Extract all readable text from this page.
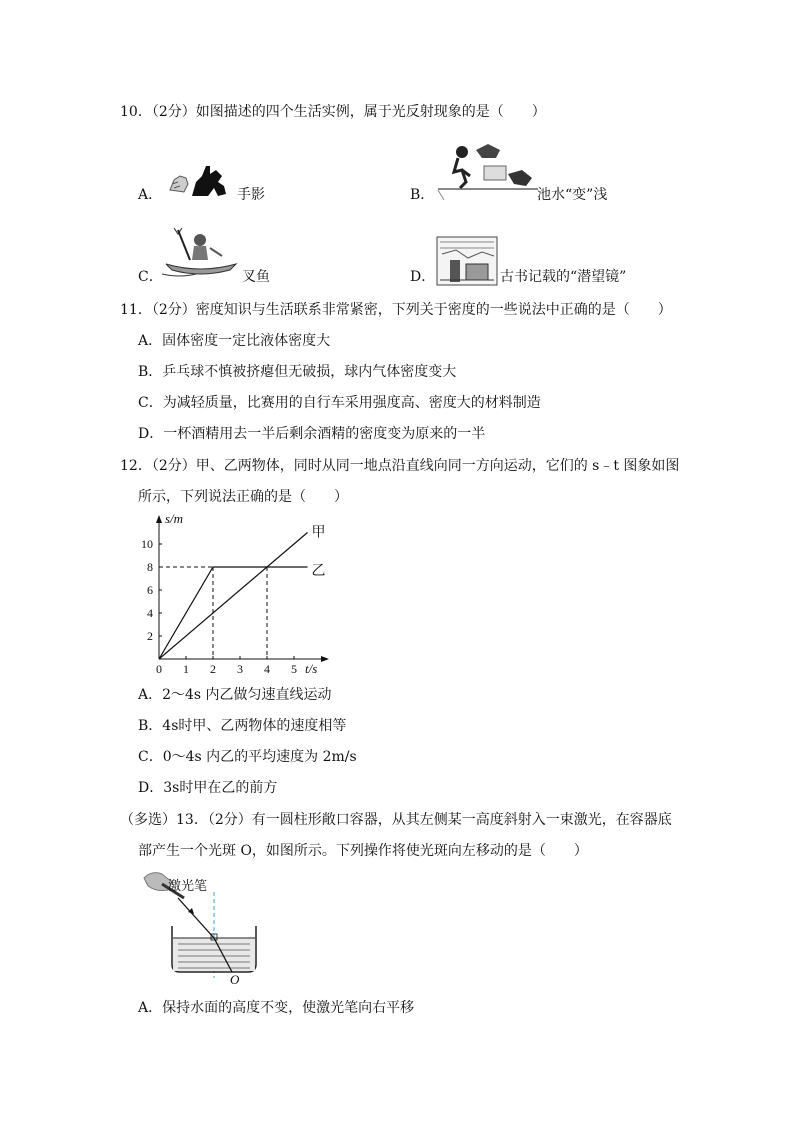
10．（2分）如图描述的四个生活实例，属于光反射现象的是（　　）
A．	手影	B．	池水“变”浅
C．	叉鱼	D．	古书记载的“潜望镜”
11．（2分）密度知识与生活联系非常紧密，下列关于密度的一些说法中正确的是（　　）
A．固体密度一定比液体密度大
B．乒乓球不慎被挤瘪但无破损，球内气体密度变大
C．为减轻质量，比赛用的自行车采用强度高、密度大的材料制造
D．一杯酒精用去一半后剩余酒精的密度变为原来的一半
12．（2分）甲、乙两物体，同时从同一地点沿直线向同一方向运动，它们的 s﹣t 图象如图
所示，下列说法正确的是（　　）
0 1 2 3 4 5
2
4
6
8
10
s/m
t/s
甲
乙
A．2～4s 内乙做匀速直线运动
B．4s时甲、乙两物体的速度相等
C．0～4s 内乙的平均速度为 2m/s
D．3s时甲在乙的前方
（多选）13．（2分）有一圆柱形敞口容器，从其左侧某一高度斜射入一束激光，在容器底
部产生一个光斑 O，如图所示。下列操作将使光斑向左移动的是（　　）
激光笔
O
A．保持水面的高度不变，使激光笔向右平移
